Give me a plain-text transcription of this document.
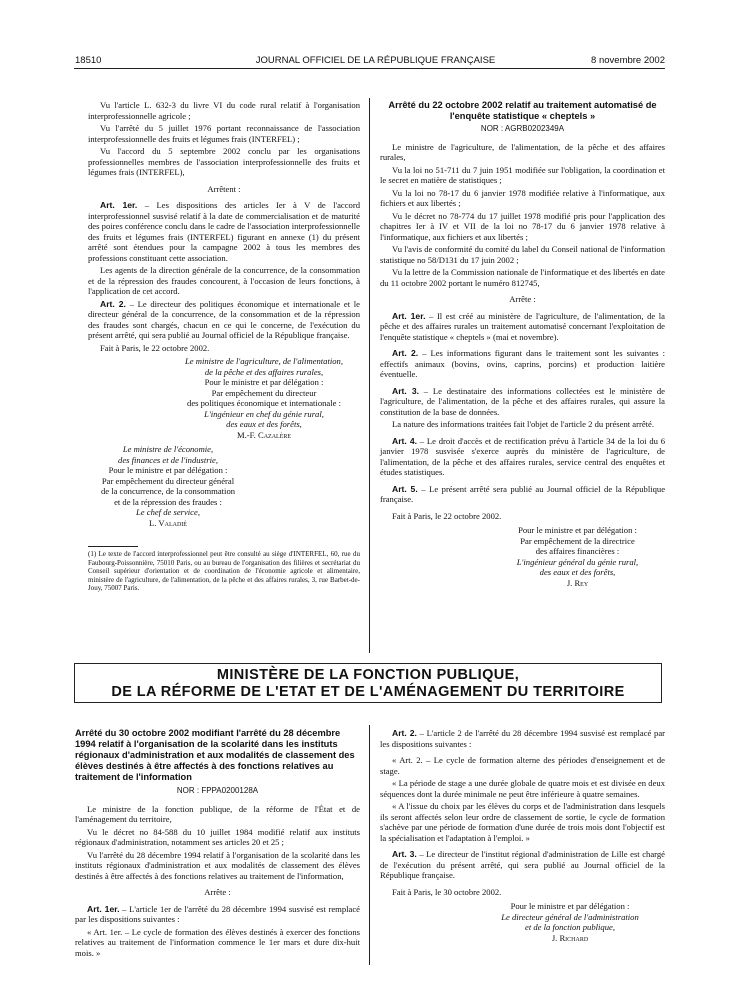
18510	JOURNAL OFFICIEL DE LA RÉPUBLIQUE FRANÇAISE	8 novembre 2002

Vu l'article L. 632-3 du livre VI du code rural relatif à l'organisation interprofessionnelle agricole ;

Vu l'arrêté du 5 juillet 1976 portant reconnaissance de l'association interprofessionnelle des fruits et légumes frais (INTERFEL) ;

Vu l'accord du 5 septembre 2002 conclu par les organisations professionnelles membres de l'association interprofessionnelle des fruits et légumes frais (INTERFEL),

Arrêtent :

Art. 1er. – Les dispositions des articles Ier à V de l'accord interprofessionnel susvisé relatif à la date de commercialisation et de maturité des poires conférence conclu dans le cadre de l'association interprofessionnelle des fruits et légumes frais (INTERFEL) figurant en annexe (1) du présent arrêté sont étendues pour la campagne 2002 à tous les membres des professions constituant cette association.

Les agents de la direction générale de la concurrence, de la consommation et de la répression des fraudes concourent, à l'occasion de leurs fonctions, à l'application de cet accord.

Art. 2. – Le directeur des politiques économique et internationale et le directeur général de la concurrence, de la consommation et de la répression des fraudes sont chargés, chacun en ce qui le concerne, de l'exécution du présent arrêté, qui sera publié au Journal officiel de la République française.

Fait à Paris, le 22 octobre 2002.

Le ministre de l'agriculture, de l'alimentation,
de la pêche et des affaires rurales,
Pour le ministre et par délégation :
Par empêchement du directeur
des politiques économique et internationale :
L'ingénieur en chef du génie rural,
des eaux et des forêts,
M.-F. Cazalère
Le ministre de l'économie,
des finances et de l'industrie,
Pour le ministre et par délégation :
Par empêchement du directeur général
de la concurrence, de la consommation
et de la répression des fraudes :
Le chef de service,
L. Valadié
(1) Le texte de l'accord interprofessionnel peut être consulté au siège d'INTERFEL, 60, rue du Faubourg-Poissonnière, 75010 Paris, ou au bureau de l'organisation des filières et secrétariat du Conseil supérieur d'orientation et de coordination de l'économie agricole et alimentaire, ministère de l'agriculture, de l'alimentation, de la pêche et des affaires rurales, 3, rue Barbet-de-Jouy, 75007 Paris.
Arrêté du 22 octobre 2002 relatif au traitement automatisé de l'enquête statistique « cheptels »
NOR : AGRB0202349A

Le ministre de l'agriculture, de l'alimentation, de la pêche et des affaires rurales,

Vu la loi no 51-711 du 7 juin 1951 modifiée sur l'obligation, la coordination et le secret en matière de statistiques ;

Vu la loi no 78-17 du 6 janvier 1978 modifiée relative à l'informatique, aux fichiers et aux libertés ;

Vu le décret no 78-774 du 17 juillet 1978 modifié pris pour l'application des chapitres Ier à IV et VII de la loi no 78-17 du 6 janvier 1978 relative à l'informatique, aux fichiers et aux libertés ;

Vu l'avis de conformité du comité du label du Conseil national de l'information statistique no 58/D131 du 17 juin 2002 ;

Vu la lettre de la Commission nationale de l'informatique et des libertés en date du 11 octobre 2002 portant le numéro 812745,

Arrête :

Art. 1er. – Il est créé au ministère de l'agriculture, de l'alimentation, de la pêche et des affaires rurales un traitement automatisé concernant l'exploitation de l'enquête statistique « cheptels » (mai et novembre).

Art. 2. – Les informations figurant dans le traitement sont les suivantes : effectifs animaux (bovins, ovins, caprins, porcins) et production laitière éventuelle.

Art. 3. – Le destinataire des informations collectées est le ministère de l'agriculture, de l'alimentation, de la pêche et des affaires rurales, qui assure la constitution de la base de données.

La nature des informations traitées fait l'objet de l'article 2 du présent arrêté.

Art. 4. – Le droit d'accès et de rectification prévu à l'article 34 de la loi du 6 janvier 1978 susvisée s'exerce auprès du ministère de l'agriculture, de l'alimentation, de la pêche et des affaires rurales, service central des enquêtes et études statistiques.

Art. 5. – Le présent arrêté sera publié au Journal officiel de la République française.

Fait à Paris, le 22 octobre 2002.

Pour le ministre et par délégation :
Par empêchement de la directrice
des affaires financières :
L'ingénieur général du génie rural,
des eaux et des forêts,
J. Rey
MINISTÈRE DE LA FONCTION PUBLIQUE,
DE LA RÉFORME DE L'ETAT ET DE L'AMÉNAGEMENT DU TERRITOIRE
Arrêté du 30 octobre 2002 modifiant l'arrêté du 28 décembre 1994 relatif à l'organisation de la scolarité dans les instituts régionaux d'administration et aux modalités de classement des élèves destinés à être affectés à des fonctions relatives au traitement de l'information
NOR : FPPA0200128A

Le ministre de la fonction publique, de la réforme de l'État et de l'aménagement du territoire,

Vu le décret no 84-588 du 10 juillet 1984 modifié relatif aux instituts régionaux d'administration, notamment ses articles 20 et 25 ;

Vu l'arrêté du 28 décembre 1994 relatif à l'organisation de la scolarité dans les instituts régionaux d'administration et aux modalités de classement des élèves destinés à être affectés à des fonctions relatives au traitement de l'information,

Arrête :

Art. 1er. – L'article 1er de l'arrêté du 28 décembre 1994 susvisé est remplacé par les dispositions suivantes :

« Art. 1er. – Le cycle de formation des élèves destinés à exercer des fonctions relatives au traitement de l'information commence le 1er mars et dure dix-huit mois. »

Art. 2. – L'article 2 de l'arrêté du 28 décembre 1994 susvisé est remplacé par les dispositions suivantes :

« Art. 2. – Le cycle de formation alterne des périodes d'enseignement et de stage.

« La période de stage a une durée globale de quatre mois et est divisée en deux séquences dont la durée minimale ne peut être inférieure à quatre semaines.

« A l'issue du choix par les élèves du corps et de l'administration dans lesquels ils seront affectés selon leur ordre de classement de sortie, le cycle de formation s'achève par une période de formation d'une durée de trois mois dont l'objectif est la spécialisation et l'adaptation à l'emploi. »

Art. 3. – Le directeur de l'institut régional d'administration de Lille est chargé de l'exécution du présent arrêté, qui sera publié au Journal officiel de la République française.

Fait à Paris, le 30 octobre 2002.

Pour le ministre et par délégation :
Le directeur général de l'administration
et de la fonction publique,
J. Richard
